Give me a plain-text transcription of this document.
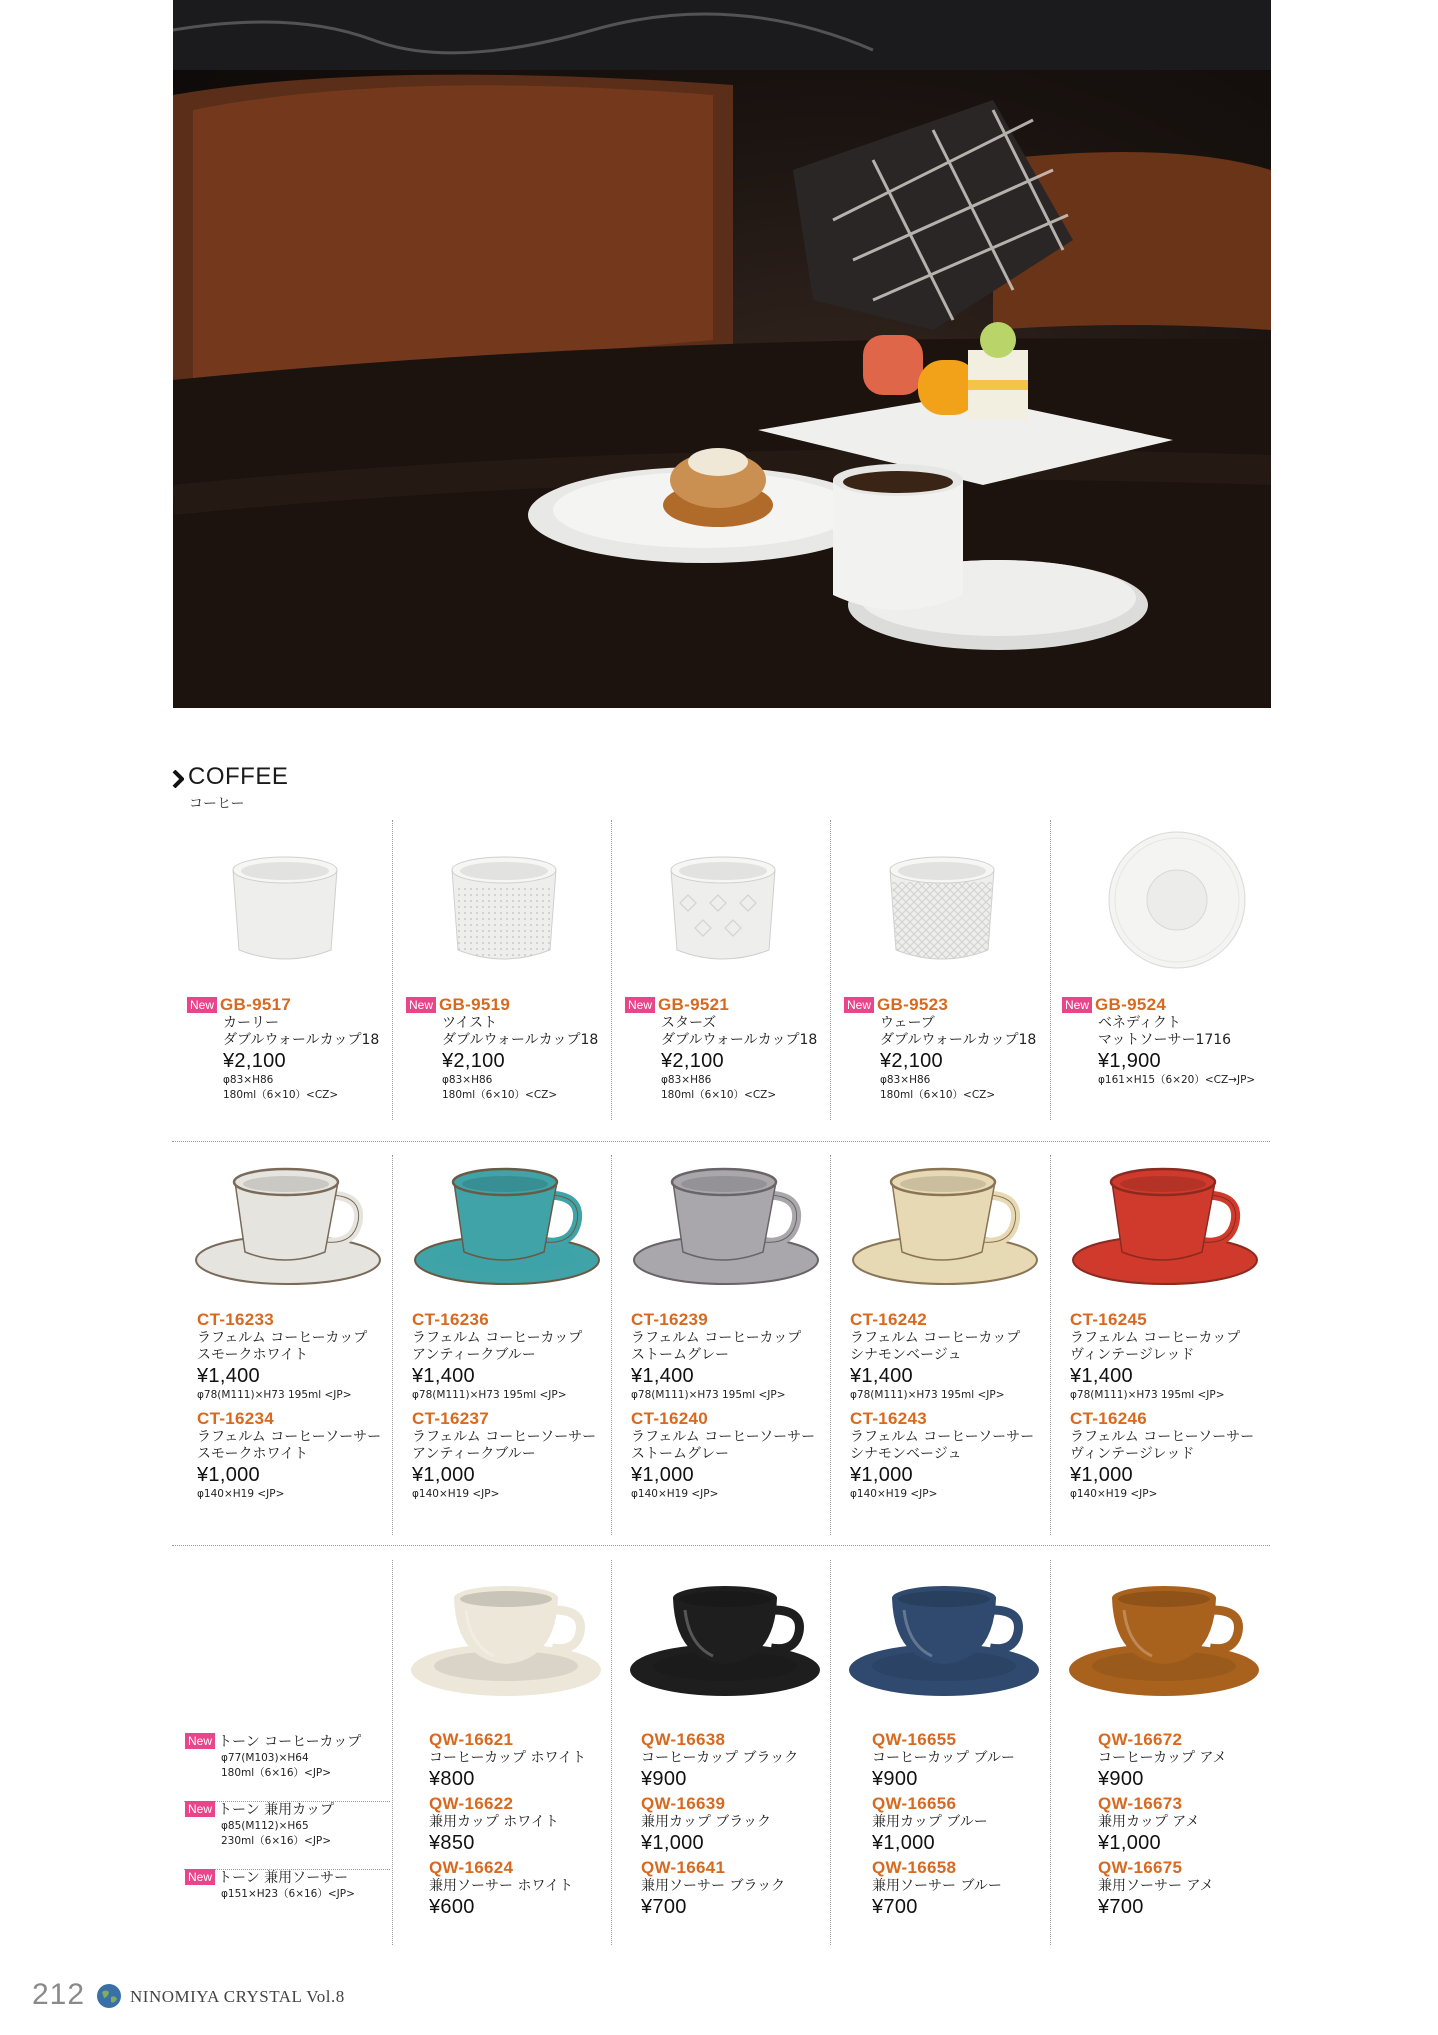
COFFEE
コーヒー
New GB-9517
カーリー
ダブルウォールカップ18
¥2,100
φ83×H86
180ml（6×10）<CZ>
New GB-9519
ツイスト
ダブルウォールカップ18
¥2,100
φ83×H86
180ml（6×10）<CZ>
New GB-9521
スターズ
ダブルウォールカップ18
¥2,100
φ83×H86
180ml（6×10）<CZ>
New GB-9523
ウェーブ
ダブルウォールカップ18
¥2,100
φ83×H86
180ml（6×10）<CZ>
New GB-9524
ベネディクト
マットソーサー1716
¥1,900
φ161×H15（6×20）<CZ→JP>
CT-16233
ラフェルム コーヒーカップ
スモークホワイト
¥1,400
φ78(M111)×H73 195ml <JP>
CT-16234
ラフェルム コーヒーソーサー
スモークホワイト
¥1,000
φ140×H19 <JP>
CT-16236
ラフェルム コーヒーカップ
アンティークブルー
¥1,400
φ78(M111)×H73 195ml <JP>
CT-16237
ラフェルム コーヒーソーサー
アンティークブルー
¥1,000
φ140×H19 <JP>
CT-16239
ラフェルム コーヒーカップ
ストームグレー
¥1,400
φ78(M111)×H73 195ml <JP>
CT-16240
ラフェルム コーヒーソーサー
ストームグレー
¥1,000
φ140×H19 <JP>
CT-16242
ラフェルム コーヒーカップ
シナモンベージュ
¥1,400
φ78(M111)×H73 195ml <JP>
CT-16243
ラフェルム コーヒーソーサー
シナモンベージュ
¥1,000
φ140×H19 <JP>
CT-16245
ラフェルム コーヒーカップ
ヴィンテージレッド
¥1,400
φ78(M111)×H73 195ml <JP>
CT-16246
ラフェルム コーヒーソーサー
ヴィンテージレッド
¥1,000
φ140×H19 <JP>
New トーン コーヒーカップ
φ77(M103)×H64
180ml（6×16）<JP>
New トーン 兼用カップ
φ85(M112)×H65
230ml（6×16）<JP>
New トーン 兼用ソーサー
φ151×H23（6×16）<JP>
QW-16621
コーヒーカップ ホワイト
¥800
QW-16622
兼用カップ ホワイト
¥850
QW-16624
兼用ソーサー ホワイト
¥600
QW-16638
コーヒーカップ ブラック
¥900
QW-16639
兼用カップ ブラック
¥1,000
QW-16641
兼用ソーサー ブラック
¥700
QW-16655
コーヒーカップ ブルー
¥900
QW-16656
兼用カップ ブルー
¥1,000
QW-16658
兼用ソーサー ブルー
¥700
QW-16672
コーヒーカップ アメ
¥900
QW-16673
兼用カップ アメ
¥1,000
QW-16675
兼用ソーサー アメ
¥700
212	NINOMIYA CRYSTAL Vol.8
